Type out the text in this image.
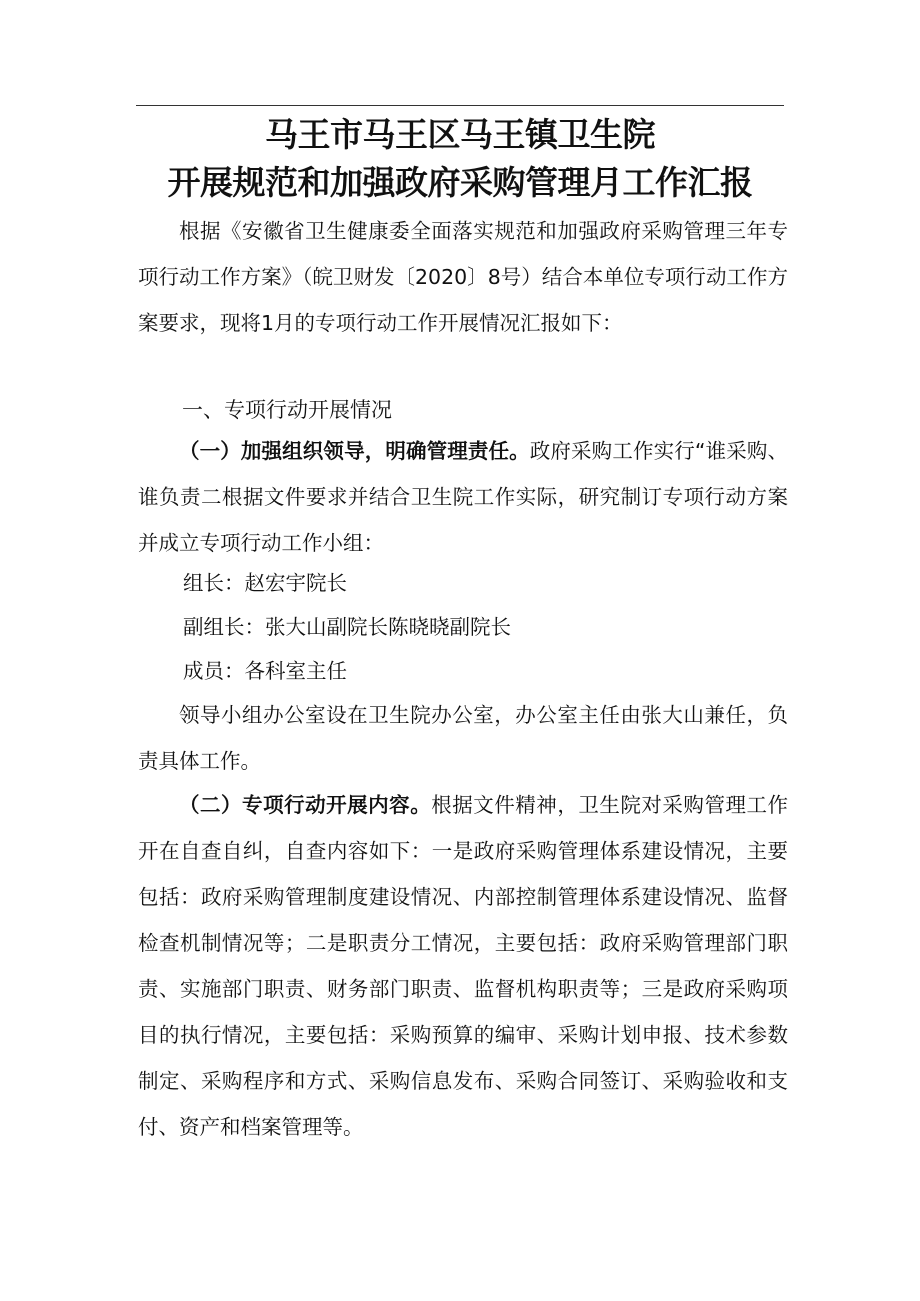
马王市马王区马王镇卫生院
开展规范和加强政府采购管理月工作汇报
根据《安徽省卫生健康委全面落实规范和加强政府采购管理三年专项行动工作方案》（皖卫财发〔2020〕8号）结合本单位专项行动工作方案要求，现将1月的专项行动工作开展情况汇报如下：
一、专项行动开展情况
（一）加强组织领导，明确管理责任。政府采购工作实行“谁采购、谁负责二根据文件要求并结合卫生院工作实际，研究制订专项行动方案并成立专项行动工作小组：
组长：赵宏宇院长
副组长：张大山副院长陈晓晓副院长
成员：各科室主任
领导小组办公室设在卫生院办公室，办公室主任由张大山兼任，负责具体工作。
（二）专项行动开展内容。根据文件精神，卫生院对采购管理工作开在自查自纠，自查内容如下：一是政府采购管理体系建设情况，主要包括：政府采购管理制度建设情况、内部控制管理体系建设情况、监督检查机制情况等；二是职责分工情况，主要包括：政府采购管理部门职责、实施部门职责、财务部门职责、监督机构职责等；三是政府采购项目的执行情况，主要包括：采购预算的编审、采购计划申报、技术参数制定、采购程序和方式、采购信息发布、采购合同签订、采购验收和支付、资产和档案管理等。
